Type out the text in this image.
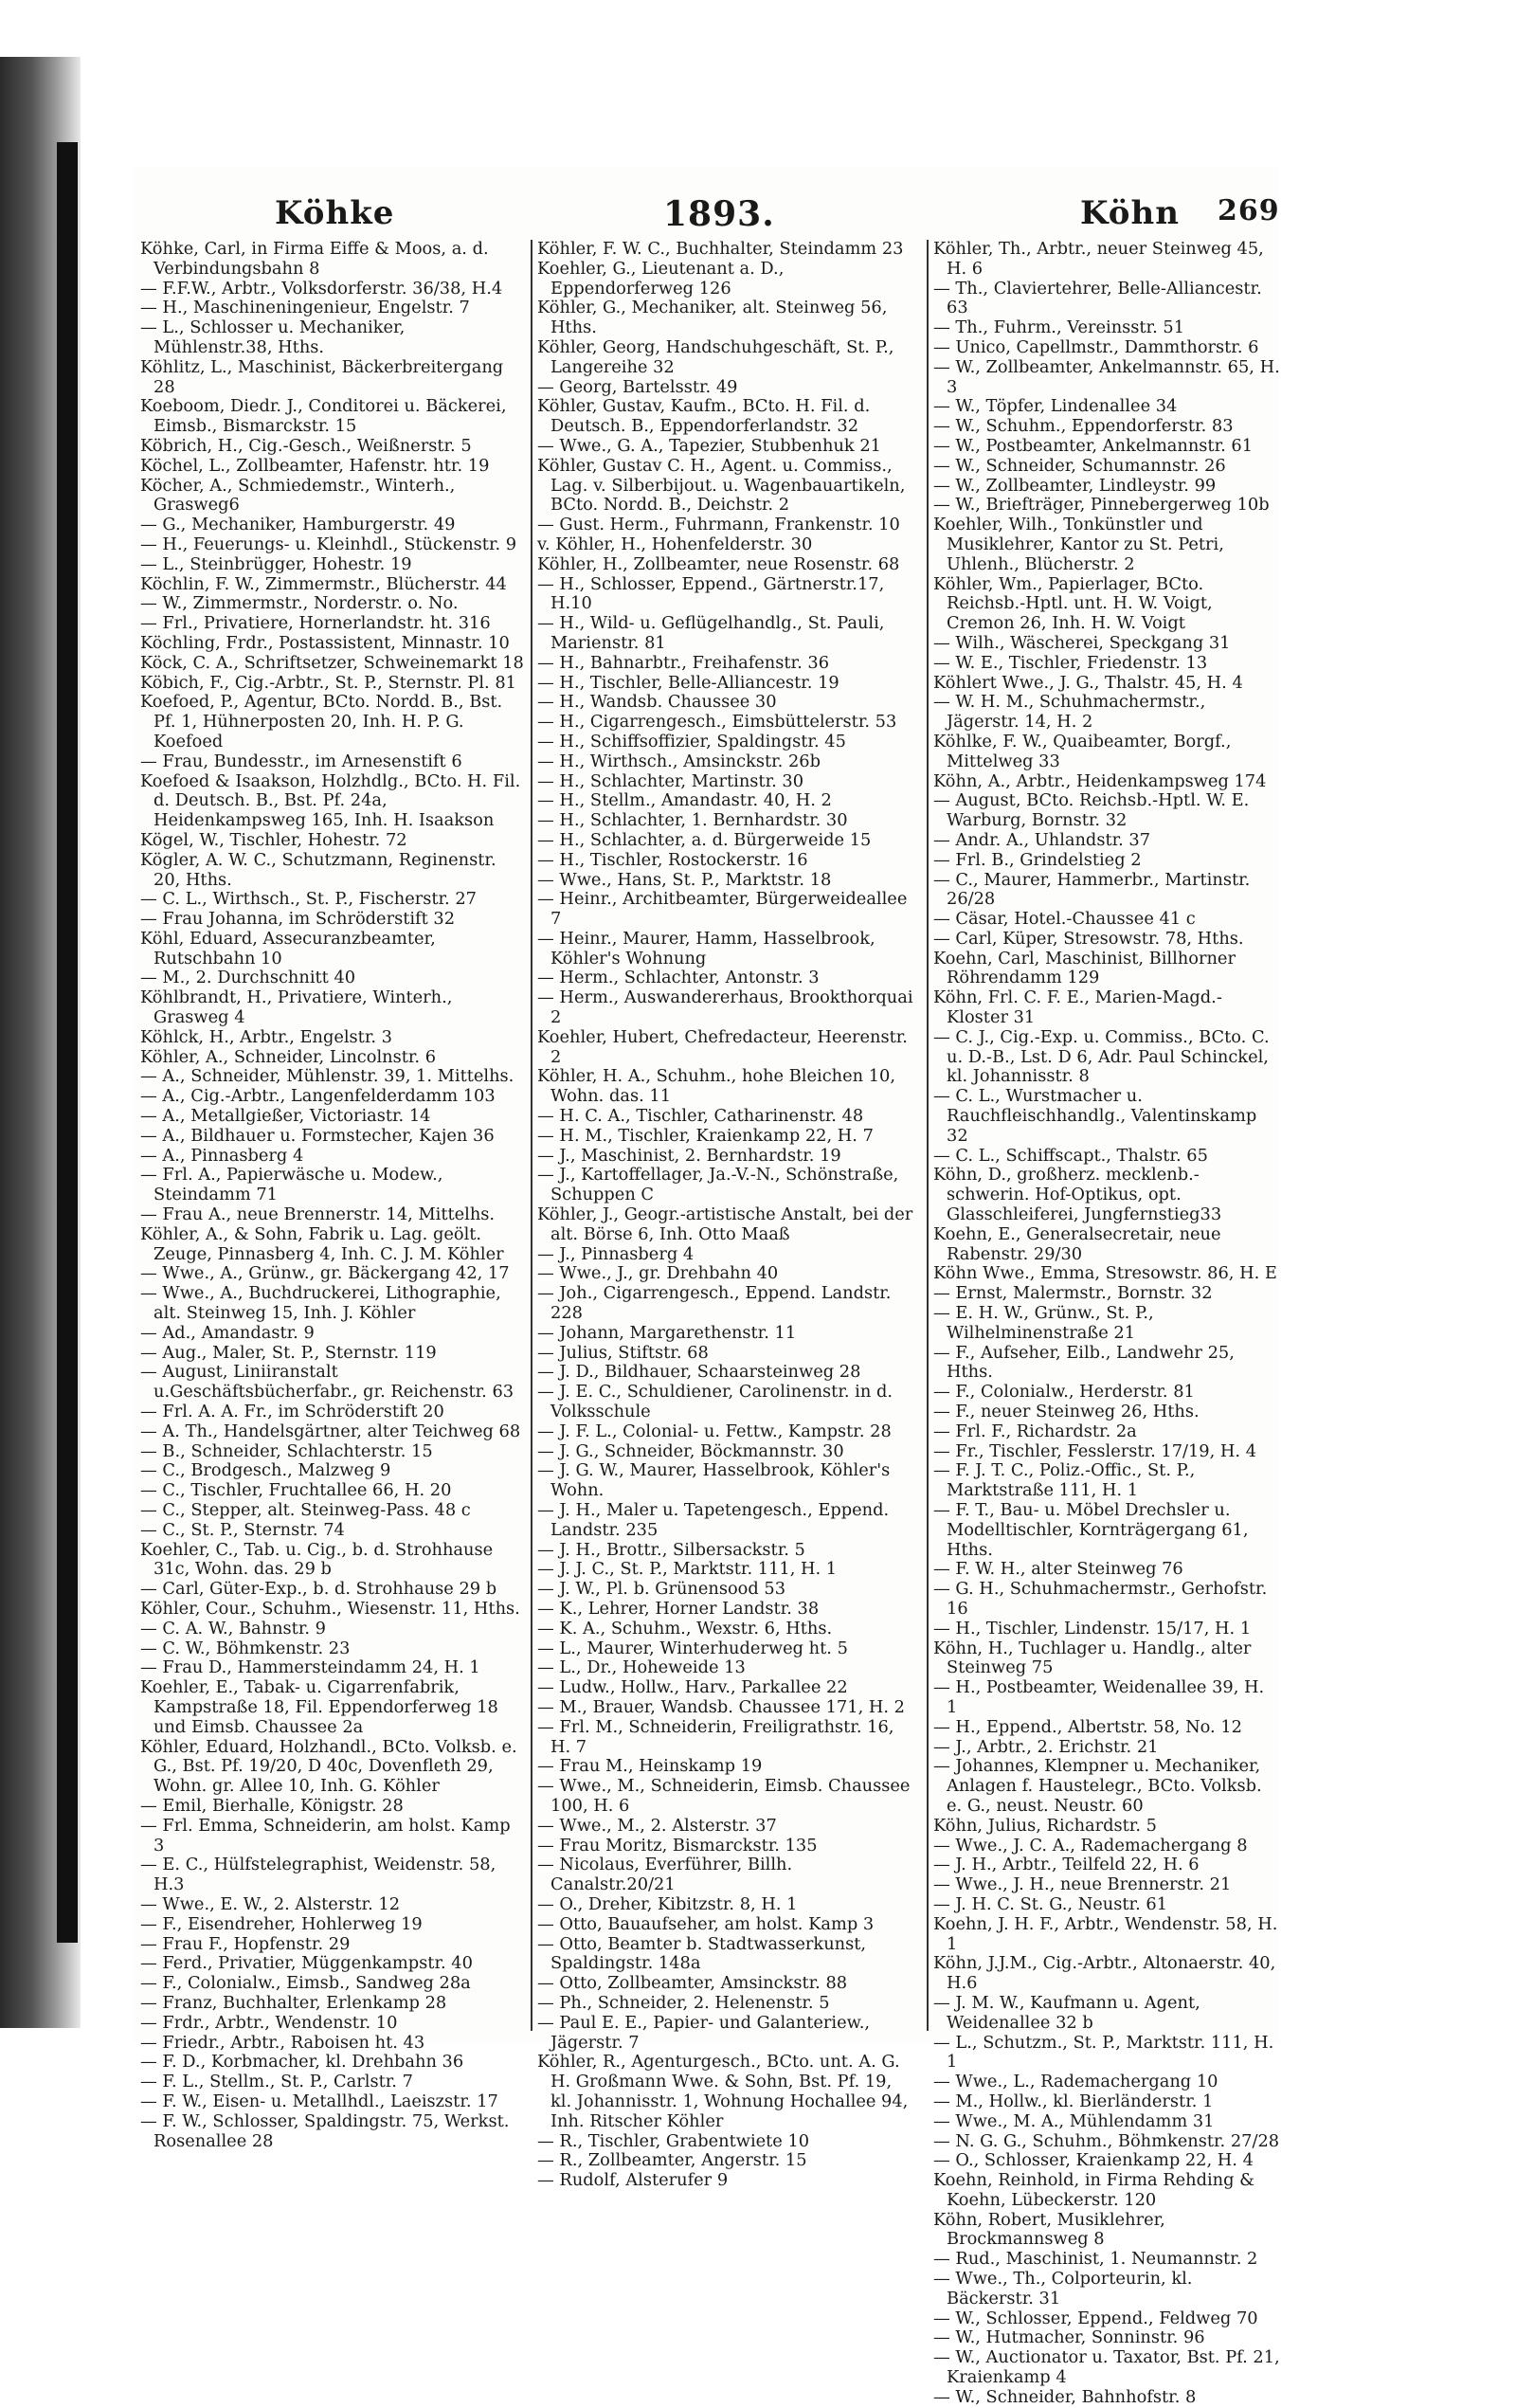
Köhke	1893.	Köhn 269
Köhke, Carl, in Firma Eiffe & Moos, a. d. Verbindungsbahn 8
— F.F.W., Arbtr., Volksdorferstr. 36/38, H.4
— H., Maschineningenieur, Engelstr. 7
— L., Schlosser u. Mechaniker, Mühlenstr.38, Hths.
Köhlitz, L., Maschinist, Bäckerbreitergang 28
Koeboom, Diedr. J., Conditorei u. Bäckerei, Eimsb., Bismarckstr. 15
Köbrich, H., Cig.-Gesch., Weißnerstr. 5
Köchel, L., Zollbeamter, Hafenstr. htr. 19
Köcher, A., Schmiedemstr., Winterh., Grasweg6
— G., Mechaniker, Hamburgerstr. 49
— H., Feuerungs- u. Kleinhdl., Stückenstr. 9
— L., Steinbrügger, Hohestr. 19
Köchlin, F. W., Zimmermstr., Blücherstr. 44
— W., Zimmermstr., Norderstr. o. No.
— Frl., Privatiere, Hornerlandstr. ht. 316
Köchling, Frdr., Postassistent, Minnastr. 10
Köck, C. A., Schriftsetzer, Schweinemarkt 18
Köbich, F., Cig.-Arbtr., St. P., Sternstr. Pl. 81
Koefoed, P., Agentur, BCto. Nordd. B., Bst. Pf. 1, Hühnerposten 20, Inh. H. P. G. Koefoed
— Frau, Bundesstr., im Arnesenstift 6
Koefoed & Isaakson, Holzhdlg., BCto. H. Fil. d. Deutsch. B., Bst. Pf. 24a, Heidenkampsweg 165, Inh. H. Isaakson
Kögel, W., Tischler, Hohestr. 72
Kögler, A. W. C., Schutzmann, Reginenstr. 20, Hths.
— C. L., Wirthsch., St. P., Fischerstr. 27
— Frau Johanna, im Schröderstift 32
Köhl, Eduard, Assecuranzbeamter, Rutschbahn 10
— M., 2. Durchschnitt 40
Köhlbrandt, H., Privatiere, Winterh., Grasweg 4
Köhlck, H., Arbtr., Engelstr. 3
Köhler, A., Schneider, Lincolnstr. 6
— A., Schneider, Mühlenstr. 39, 1. Mittelhs.
— A., Cig.-Arbtr., Langenfelderdamm 103
— A., Metallgießer, Victoriastr. 14
— A., Bildhauer u. Formstecher, Kajen 36
— A., Pinnasberg 4
— Frl. A., Papierwäsche u. Modew., Steindamm 71
— Frau A., neue Brennerstr. 14, Mittelhs.
Köhler, A., & Sohn, Fabrik u. Lag. geölt. Zeuge, Pinnasberg 4, Inh. C. J. M. Köhler
— Wwe., A., Grünw., gr. Bäckergang 42, 17
— Wwe., A., Buchdruckerei, Lithographie, alt. Steinweg 15, Inh. J. Köhler
— Ad., Amandastr. 9
— Aug., Maler, St. P., Sternstr. 119
— August, Liniiranstalt u.Geschäftsbücherfabr., gr. Reichenstr. 63
— Frl. A. A. Fr., im Schröderstift 20
— A. Th., Handelsgärtner, alter Teichweg 68
— B., Schneider, Schlachterstr. 15
— C., Brodgesch., Malzweg 9
— C., Tischler, Fruchtallee 66, H. 20
— C., Stepper, alt. Steinweg-Pass. 48 c
— C., St. P., Sternstr. 74
Koehler, C., Tab. u. Cig., b. d. Strohhause 31c, Wohn. das. 29 b
— Carl, Güter-Exp., b. d. Strohhause 29 b
Köhler, Cour., Schuhm., Wiesenstr. 11, Hths.
— C. A. W., Bahnstr. 9
— C. W., Böhmkenstr. 23
— Frau D., Hammersteindamm 24, H. 1
Koehler, E., Tabak- u. Cigarrenfabrik, Kampstraße 18, Fil. Eppendorferweg 18 und Eimsb. Chaussee 2a
Köhler, Eduard, Holzhandl., BCto. Volksb. e. G., Bst. Pf. 19/20, D 40c, Dovenfleth 29, Wohn. gr. Allee 10, Inh. G. Köhler
— Emil, Bierhalle, Königstr. 28
— Frl. Emma, Schneiderin, am holst. Kamp 3
— E. C., Hülfstelegraphist, Weidenstr. 58, H.3
— Wwe., E. W., 2. Alsterstr. 12
— F., Eisendreher, Hohlerweg 19
— Frau F., Hopfenstr. 29
— Ferd., Privatier, Müggenkampstr. 40
— F., Colonialw., Eimsb., Sandweg 28a
— Franz, Buchhalter, Erlenkamp 28
— Frdr., Arbtr., Wendenstr. 10
— Friedr., Arbtr., Raboisen ht. 43
— F. D., Korbmacher, kl. Drehbahn 36
— F. L., Stellm., St. P., Carlstr. 7
— F. W., Eisen- u. Metallhdl., Laeiszstr. 17
— F. W., Schlosser, Spaldingstr. 75, Werkst. Rosenallee 28
Köhler, F. W. C., Buchhalter, Steindamm 23
Koehler, G., Lieutenant a. D., Eppendorferweg 126
Köhler, G., Mechaniker, alt. Steinweg 56, Hths.
Köhler, Georg, Handschuhgeschäft, St. P., Langereihe 32
— Georg, Bartelsstr. 49
Köhler, Gustav, Kaufm., BCto. H. Fil. d. Deutsch. B., Eppendorferlandstr. 32
— Wwe., G. A., Tapezier, Stubbenhuk 21
Köhler, Gustav C. H., Agent. u. Commiss., Lag. v. Silberbijout. u. Wagenbauartikeln, BCto. Nordd. B., Deichstr. 2
— Gust. Herm., Fuhrmann, Frankenstr. 10
v. Köhler, H., Hohenfelderstr. 30
Köhler, H., Zollbeamter, neue Rosenstr. 68
— H., Schlosser, Eppend., Gärtnerstr.17, H.10
— H., Wild- u. Geflügelhandlg., St. Pauli, Marienstr. 81
— H., Bahnarbtr., Freihafenstr. 36
— H., Tischler, Belle-Alliancestr. 19
— H., Wandsb. Chaussee 30
— H., Cigarrengesch., Eimsbüttelerstr. 53
— H., Schiffsoffizier, Spaldingstr. 45
— H., Wirthsch., Amsinckstr. 26b
— H., Schlachter, Martinstr. 30
— H., Stellm., Amandastr. 40, H. 2
— H., Schlachter, 1. Bernhardstr. 30
— H., Schlachter, a. d. Bürgerweide 15
— H., Tischler, Rostockerstr. 16
— Wwe., Hans, St. P., Marktstr. 18
— Heinr., Architbeamter, Bürgerweideallee 7
— Heinr., Maurer, Hamm, Hasselbrook, Köhler's Wohnung
— Herm., Schlachter, Antonstr. 3
— Herm., Auswandererhaus, Brookthorquai 2
Koehler, Hubert, Chefredacteur, Heerenstr. 2
Köhler, H. A., Schuhm., hohe Bleichen 10, Wohn. das. 11
— H. C. A., Tischler, Catharinenstr. 48
— H. M., Tischler, Kraienkamp 22, H. 7
— J., Maschinist, 2. Bernhardstr. 19
— J., Kartoffellager, Ja.-V.-N., Schönstraße, Schuppen C
Köhler, J., Geogr.-artistische Anstalt, bei der alt. Börse 6, Inh. Otto Maaß
— J., Pinnasberg 4
— Wwe., J., gr. Drehbahn 40
— Joh., Cigarrengesch., Eppend. Landstr. 228
— Johann, Margarethenstr. 11
— Julius, Stiftstr. 68
— J. D., Bildhauer, Schaarsteinweg 28
— J. E. C., Schuldiener, Carolinenstr. in d. Volksschule
— J. F. L., Colonial- u. Fettw., Kampstr. 28
— J. G., Schneider, Böckmannstr. 30
— J. G. W., Maurer, Hasselbrook, Köhler's Wohn.
— J. H., Maler u. Tapetengesch., Eppend. Landstr. 235
— J. H., Brottr., Silbersackstr. 5
— J. J. C., St. P., Marktstr. 111, H. 1
— J. W., Pl. b. Grünensood 53
— K., Lehrer, Horner Landstr. 38
— K. A., Schuhm., Wexstr. 6, Hths.
— L., Maurer, Winterhuderweg ht. 5
— L., Dr., Hoheweide 13
— Ludw., Hollw., Harv., Parkallee 22
— M., Brauer, Wandsb. Chaussee 171, H. 2
— Frl. M., Schneiderin, Freiligrathstr. 16, H. 7
— Frau M., Heinskamp 19
— Wwe., M., Schneiderin, Eimsb. Chaussee 100, H. 6
— Wwe., M., 2. Alsterstr. 37
— Frau Moritz, Bismarckstr. 135
— Nicolaus, Everführer, Billh. Canalstr.20/21
— O., Dreher, Kibitzstr. 8, H. 1
— Otto, Bauaufseher, am holst. Kamp 3
— Otto, Beamter b. Stadtwasserkunst, Spaldingstr. 148a
— Otto, Zollbeamter, Amsinckstr. 88
— Ph., Schneider, 2. Helenenstr. 5
— Paul E. E., Papier- und Galanteriew., Jägerstr. 7
Köhler, R., Agenturgesch., BCto. unt. A. G. H. Großmann Wwe. & Sohn, Bst. Pf. 19, kl. Johannisstr. 1, Wohnung Hochallee 94, Inh. Ritscher Köhler
— R., Tischler, Grabentwiete 10
— R., Zollbeamter, Angerstr. 15
— Rudolf, Alsterufer 9
Köhler, Th., Arbtr., neuer Steinweg 45, H. 6
— Th., Claviertehrer, Belle-Alliancestr. 63
— Th., Fuhrm., Vereinsstr. 51
— Unico, Capellmstr., Dammthorstr. 6
— W., Zollbeamter, Ankelmannstr. 65, H. 3
— W., Töpfer, Lindenallee 34
— W., Schuhm., Eppendorferstr. 83
— W., Postbeamter, Ankelmannstr. 61
— W., Schneider, Schumannstr. 26
— W., Zollbeamter, Lindleystr. 99
— W., Briefträger, Pinnebergerweg 10b
Koehler, Wilh., Tonkünstler und Musiklehrer, Kantor zu St. Petri, Uhlenh., Blücherstr. 2
Köhler, Wm., Papierlager, BCto. Reichsb.-Hptl. unt. H. W. Voigt, Cremon 26, Inh. H. W. Voigt
— Wilh., Wäscherei, Speckgang 31
— W. E., Tischler, Friedenstr. 13
Köhlert Wwe., J. G., Thalstr. 45, H. 4
— W. H. M., Schuhmachermstr., Jägerstr. 14, H. 2
Köhlke, F. W., Quaibeamter, Borgf., Mittelweg 33
Köhn, A., Arbtr., Heidenkampsweg 174
— August, BCto. Reichsb.-Hptl. W. E. Warburg, Bornstr. 32
— Andr. A., Uhlandstr. 37
— Frl. B., Grindelstieg 2
— C., Maurer, Hammerbr., Martinstr. 26/28
— Cäsar, Hotel.-Chaussee 41 c
— Carl, Küper, Stresowstr. 78, Hths.
Koehn, Carl, Maschinist, Billhorner Röhrendamm 129
Köhn, Frl. C. F. E., Marien-Magd.-Kloster 31
— C. J., Cig.-Exp. u. Commiss., BCto. C. u. D.-B., Lst. D 6, Adr. Paul Schinckel, kl. Johannisstr. 8
— C. L., Wurstmacher u. Rauchfleischhandlg., Valentinskamp 32
— C. L., Schiffscapt., Thalstr. 65
Köhn, D., großherz. mecklenb.-schwerin. Hof-Optikus, opt. Glasschleiferei, Jungfernstieg33
Koehn, E., Generalsecretair, neue Rabenstr. 29/30
Köhn Wwe., Emma, Stresowstr. 86, H. E
— Ernst, Malermstr., Bornstr. 32
— E. H. W., Grünw., St. P., Wilhelminenstraße 21
— F., Aufseher, Eilb., Landwehr 25, Hths.
— F., Colonialw., Herderstr. 81
— F., neuer Steinweg 26, Hths.
— Frl. F., Richardstr. 2a
— Fr., Tischler, Fesslerstr. 17/19, H. 4
— F. J. T. C., Poliz.-Offic., St. P., Marktstraße 111, H. 1
— F. T., Bau- u. Möbel Drechsler u. Modelltischler, Kornträgergang 61, Hths.
— F. W. H., alter Steinweg 76
— G. H., Schuhmachermstr., Gerhofstr. 16
— H., Tischler, Lindenstr. 15/17, H. 1
Köhn, H., Tuchlager u. Handlg., alter Steinweg 75
— H., Postbeamter, Weidenallee 39, H. 1
— H., Eppend., Albertstr. 58, No. 12
— J., Arbtr., 2. Erichstr. 21
— Johannes, Klempner u. Mechaniker, Anlagen f. Haustelegr., BCto. Volksb. e. G., neust. Neustr. 60
Köhn, Julius, Richardstr. 5
— Wwe., J. C. A., Rademachergang 8
— J. H., Arbtr., Teilfeld 22, H. 6
— Wwe., J. H., neue Brennerstr. 21
— J. H. C. St. G., Neustr. 61
Koehn, J. H. F., Arbtr., Wendenstr. 58, H. 1
Köhn, J.J.M., Cig.-Arbtr., Altonaerstr. 40, H.6
— J. M. W., Kaufmann u. Agent, Weidenallee 32 b
— L., Schutzm., St. P., Marktstr. 111, H. 1
— Wwe., L., Rademachergang 10
— M., Hollw., kl. Bierländerstr. 1
— Wwe., M. A., Mühlendamm 31
— N. G. G., Schuhm., Böhmkenstr. 27/28
— O., Schlosser, Kraienkamp 22, H. 4
Koehn, Reinhold, in Firma Rehding & Koehn, Lübeckerstr. 120
Köhn, Robert, Musiklehrer, Brockmannsweg 8
— Rud., Maschinist, 1. Neumannstr. 2
— Wwe., Th., Colporteurin, kl. Bäckerstr. 31
— W., Schlosser, Eppend., Feldweg 70
— W., Hutmacher, Sonninstr. 96
— W., Auctionator u. Taxator, Bst. Pf. 21, Kraienkamp 4
— W., Schneider, Bahnhofstr. 8
